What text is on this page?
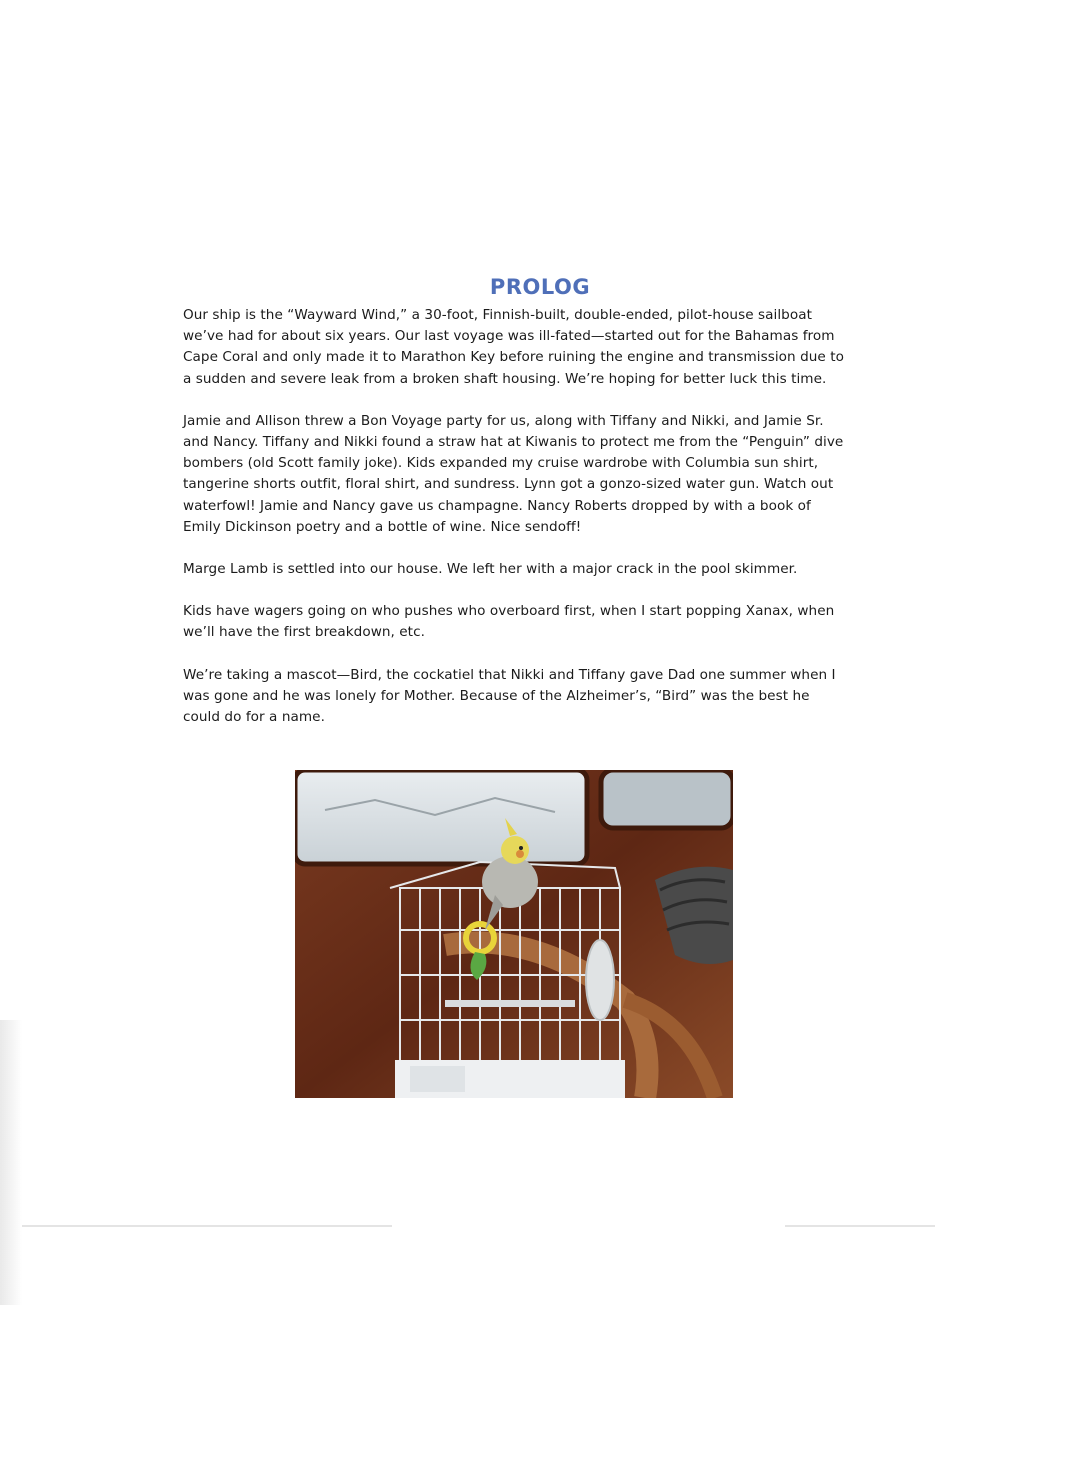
PROLOG

Our ship is the “Wayward Wind,” a 30-foot, Finnish-built, double-ended, pilot-house sailboat we’ve had for about six years. Our last voyage was ill-fated—started out for the Bahamas from Cape Coral and only made it to Marathon Key before ruining the engine and transmission due to a sudden and severe leak from a broken shaft housing. We’re hoping for better luck this time.

Jamie and Allison threw a Bon Voyage party for us, along with Tiffany and Nikki, and Jamie Sr. and Nancy. Tiffany and Nikki found a straw hat at Kiwanis to protect me from the “Penguin” dive bombers (old Scott family joke). Kids expanded my cruise wardrobe with Columbia sun shirt, tangerine shorts outfit, floral shirt, and sundress. Lynn got a gonzo-sized water gun. Watch out waterfowl! Jamie and Nancy gave us champagne. Nancy Roberts dropped by with a book of Emily Dickinson poetry and a bottle of wine. Nice sendoff!

Marge Lamb is settled into our house. We left her with a major crack in the pool skimmer.

Kids have wagers going on who pushes who overboard first, when I start popping Xanax, when we’ll have the first breakdown, etc.

We’re taking a mascot—Bird, the cockatiel that Nikki and Tiffany gave Dad one summer when I was gone and he was lonely for Mother. Because of the Alzheimer’s, “Bird” was the best he could do for a name.
